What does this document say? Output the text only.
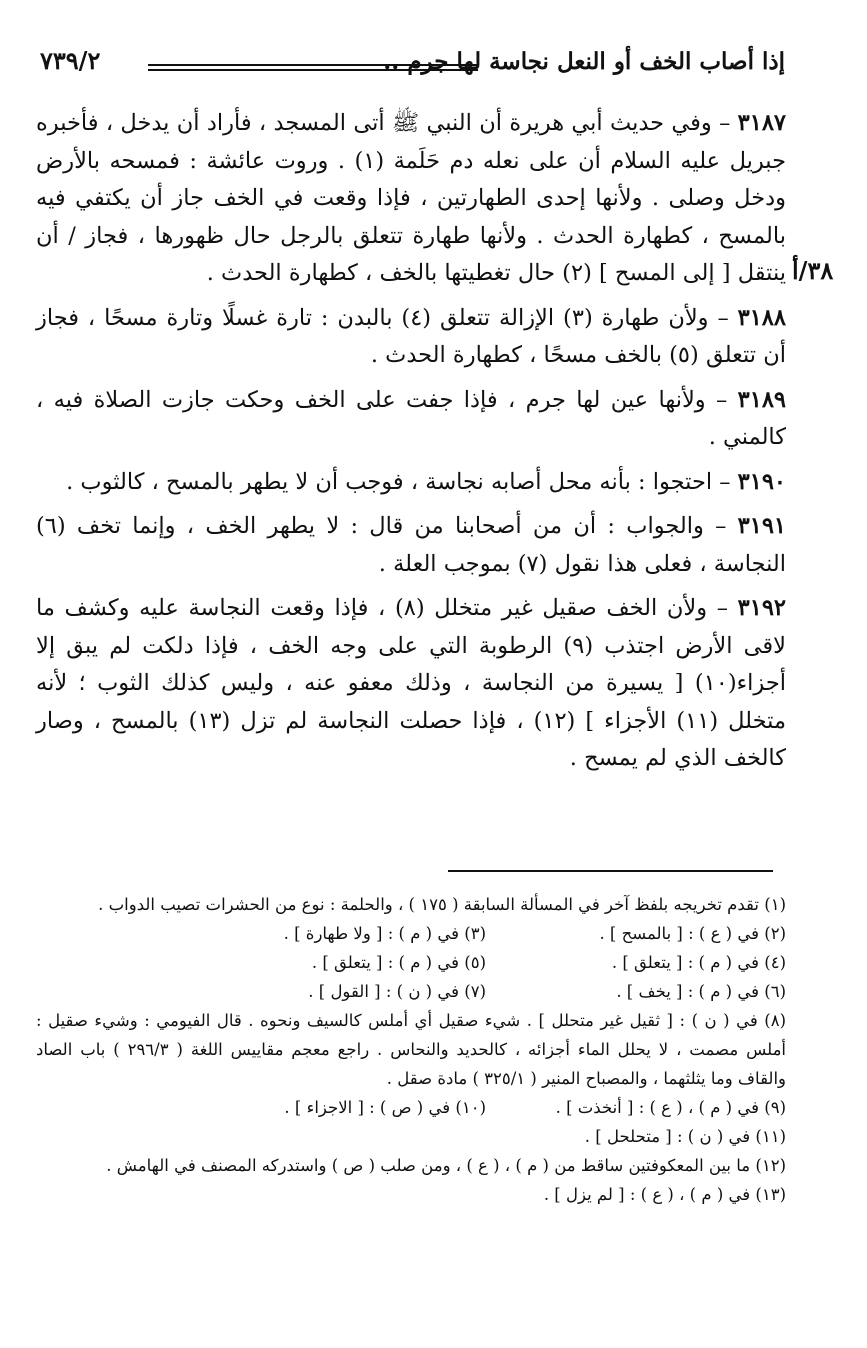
إذا أصاب الخف أو النعل نجاسة لها جرم ..
٧٣٩/٢
٣٨/أ

٣١٨٧ – وفي حديث أبي هريرة أن النبي ﷺ أتى المسجد ، فأراد أن يدخل ، فأخبره جبريل عليه السلام أن على نعله دم حَلَمة (١) . وروت عائشة : فمسحه بالأرض ودخل وصلى . ولأنها إحدى الطهارتين ، فإذا وقعت في الخف جاز أن يكتفي فيه بالمسح ، كطهارة الحدث . ولأنها طهارة تتعلق بالرجل حال ظهورها ، فجاز / أن ينتقل [ إلى المسح ] (٢) حال تغطيتها بالخف ، كطهارة الحدث .

٣١٨٨ – ولأن طهارة (٣) الإزالة تتعلق (٤) بالبدن : تارة غسلًا وتارة مسحًا ، فجاز أن تتعلق (٥) بالخف مسحًا ، كطهارة الحدث .

٣١٨٩ – ولأنها عين لها جرم ، فإذا جفت على الخف وحكت جازت الصلاة فيه ، كالمني .

٣١٩٠ – احتجوا : بأنه محل أصابه نجاسة ، فوجب أن لا يطهر بالمسح ، كالثوب .

٣١٩١ – والجواب : أن من أصحابنا من قال : لا يطهر الخف ، وإنما تخف (٦) النجاسة ، فعلى هذا نقول (٧) بموجب العلة .

٣١٩٢ – ولأن الخف صقيل غير متخلل (٨) ، فإذا وقعت النجاسة عليه وكشف ما لاقى الأرض اجتذب (٩) الرطوبة التي على وجه الخف ، فإذا دلكت لم يبق إلا أجزاء(١٠) [ يسيرة من النجاسة ، وذلك معفو عنه ، وليس كذلك الثوب ؛ لأنه متخلل (١١) الأجزاء ] (١٢) ، فإذا حصلت النجاسة لم تزل (١٣) بالمسح ، وصار كالخف الذي لم يمسح .

(١) تقدم تخريجه بلفظ آخر في المسألة السابقة ( ١٧٥ ) ، والحلمة : نوع من الحشرات تصيب الدواب .

(٢) في ( ع ) : [ بالمسح ] .
(٣) في ( م ) : [ ولا طهارة ] .
(٤) في ( م ) : [ يتعلق ] .
(٥) في ( م ) : [ يتعلق ] .
(٦) في ( م ) : [ يخف ] .
(٧) في ( ن ) : [ القول ] .

(٨) في ( ن ) : [ ثقيل غير متحلل ] . شيء صقيل أي أملس كالسيف ونحوه . قال الفيومي : وشيء صقيل : أملس مصمت ، لا يحلل الماء أجزائه ، كالحديد والنحاس . راجع معجم مقاييس اللغة ( ٢٩٦/٣ ) باب الصاد والقاف وما يثلثهما ، والمصباح المنير ( ٣٢٥/١ ) مادة صقل .

(٩) في ( م ) ، ( ع ) : [ أنخذت ] .
(١٠) في ( ص ) : [ الاجزاء ] .

(١١) في ( ن ) : [ متحلحل ] .

(١٢) ما بين المعكوفتين ساقط من ( م ) ، ( ع ) ، ومن صلب ( ص ) واستدركه المصنف في الهامش .

(١٣) في ( م ) ، ( ع ) : [ لم يزل ] .
